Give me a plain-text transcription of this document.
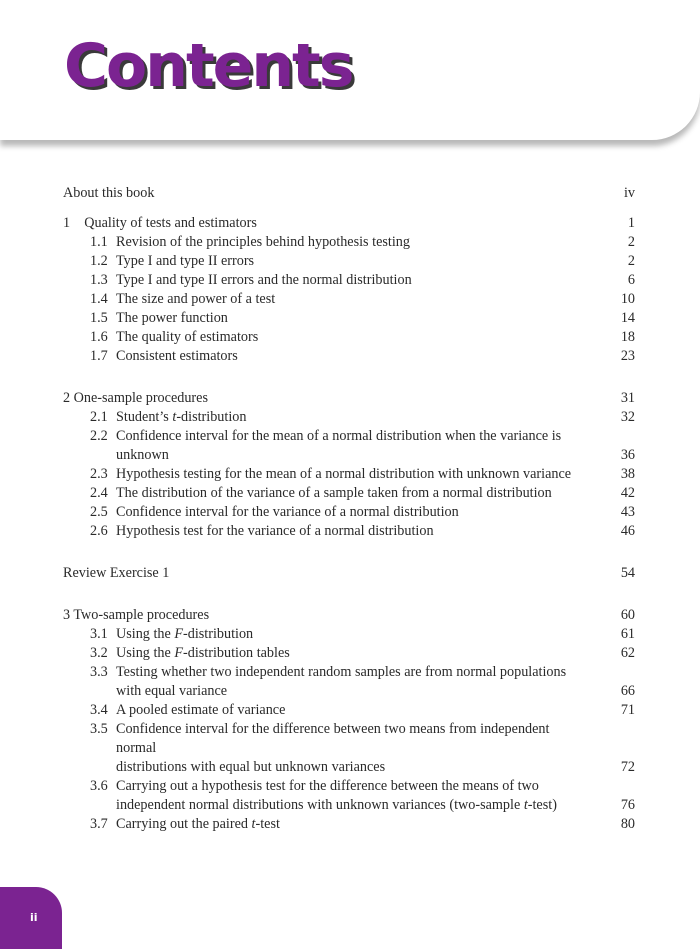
Contents
About this book	iv
1    Quality of tests and estimators	1
1.1 Revision of the principles behind hypothesis testing	2
1.2 Type I and type II errors	2
1.3 Type I and type II errors and the normal distribution	6
1.4 The size and power of a test	10
1.5 The power function	14
1.6 The quality of estimators	18
1.7 Consistent estimators	23
2 One-sample procedures	31
2.1 Student’s t-distribution	32
2.2 Confidence interval for the mean of a normal distribution when the variance is
unknown	36
2.3 Hypothesis testing for the mean of a normal distribution with unknown variance	38
2.4 The distribution of the variance of a sample taken from a normal distribution	42
2.5 Confidence interval for the variance of a normal distribution	43
2.6 Hypothesis test for the variance of a normal distribution	46
Review Exercise 1	54
3 Two-sample procedures	60
3.1 Using the F-distribution	61
3.2 Using the F-distribution tables	62
3.3 Testing whether two independent random samples are from normal populations
with equal variance	66
3.4 A pooled estimate of variance	71
3.5 Confidence interval for the difference between two means from independent normal
distributions with equal but unknown variances	72
3.6 Carrying out a hypothesis test for the difference between the means of two
independent normal distributions with unknown variances (two-sample t-test)	76
3.7 Carrying out the paired t-test	80
ii
